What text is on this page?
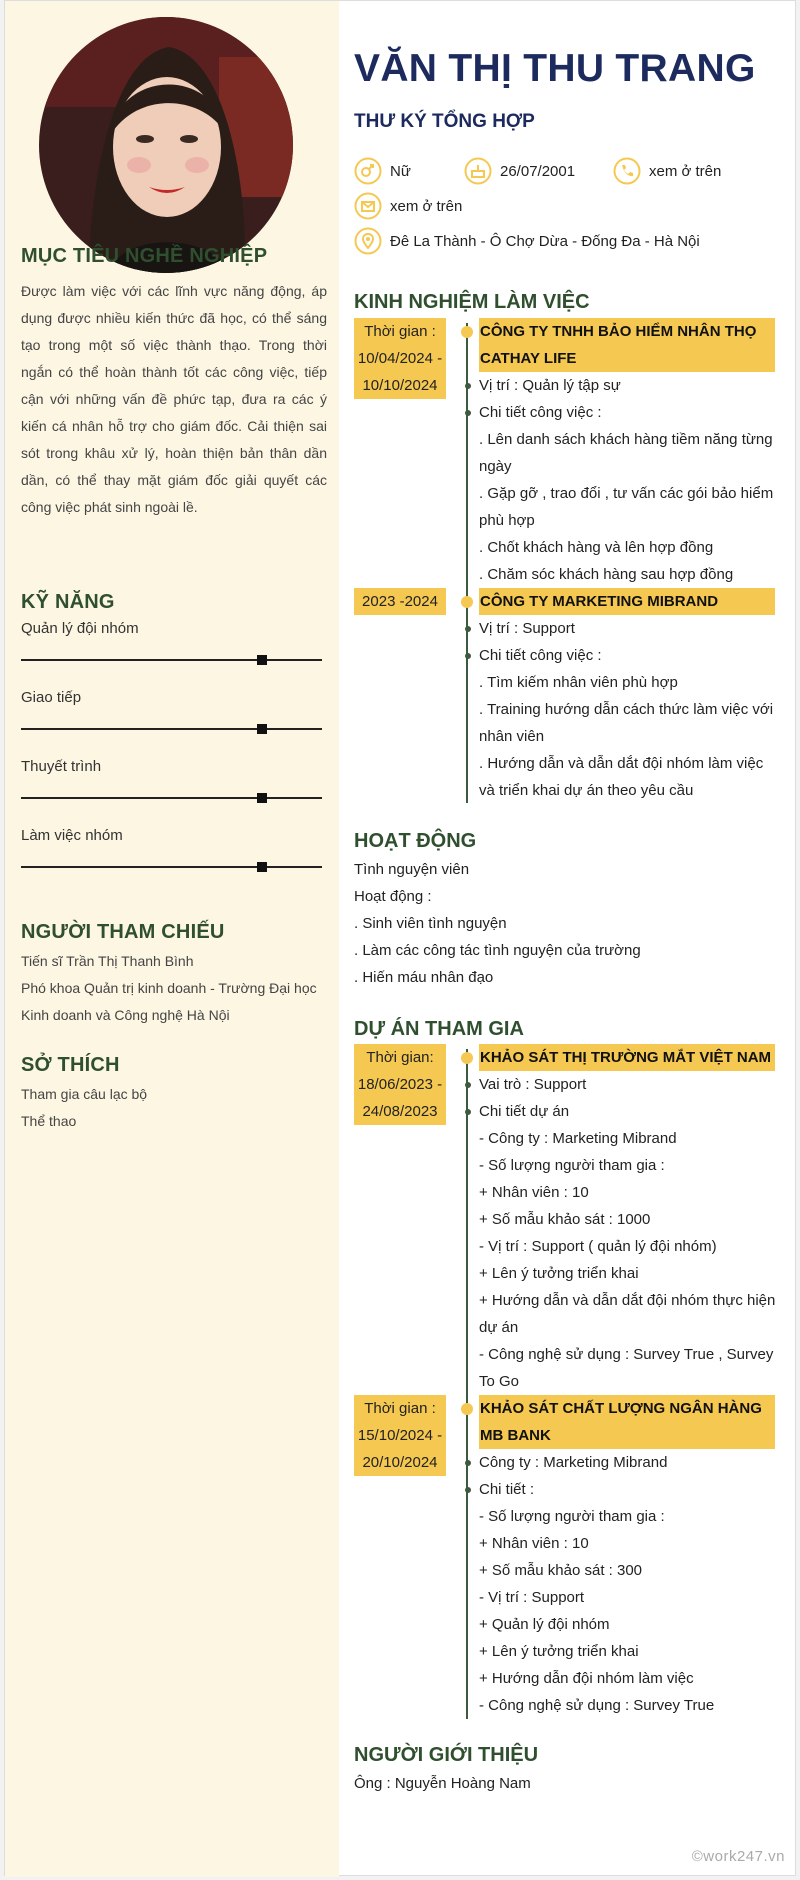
MỤC TIÊU NGHỀ NGHIỆP
Được làm việc với các lĩnh vực năng động, áp dụng được nhiều kiến thức đã học, có thể sáng tạo trong một số việc thành thạo. Trong thời ngắn có thể hoàn thành tốt các công việc, tiếp cận với những vấn đề phức tạp, đưa ra các ý kiến cá nhân hỗ trợ cho giám đốc. Cải thiện sai sót trong khâu xử lý, hoàn thiện bản thân dần dần, có thể thay mặt giám đốc giải quyết các công việc phát sinh ngoài lề.
KỸ NĂNG
Quản lý đội nhóm
Giao tiếp
Thuyết trình
Làm việc nhóm
NGƯỜI THAM CHIẾU
Tiến sĩ Trần Thị Thanh Bình
Phó khoa Quản trị kinh doanh - Trường Đại học Kinh doanh và Công nghệ Hà Nội
SỞ THÍCH
Tham gia câu lạc bộ
Thể thao
VĂN THỊ THU TRANG
THƯ KÝ TỔNG HỢP
Nữ	26/07/2001	xem ở trên
xem ở trên
Đê La Thành - Ô Chợ Dừa - Đống Đa - Hà Nội
KINH NGHIỆM LÀM VIỆC
Thời gian : 10/04/2024 - 10/10/2024
CÔNG TY TNHH BẢO HIỂM NHÂN THỌ CATHAY LIFE
Vị trí : Quản lý tập sự
Chi tiết công việc :
. Lên danh sách khách hàng tiềm năng từng ngày
. Gặp gỡ , trao đổi , tư vấn các gói bảo hiểm phù hợp
. Chốt khách hàng và lên hợp đồng
. Chăm sóc khách hàng sau hợp đồng
2023 -2024	CÔNG TY MARKETING MIBRAND
Vị trí : Support
Chi tiết công việc :
. Tìm kiếm nhân viên phù hợp
. Training hướng dẫn cách thức làm việc với nhân viên
. Hướng dẫn và dẫn dắt đội nhóm làm việc và triển khai dự án theo yêu cầu
HOẠT ĐỘNG
Tình nguyện viên
Hoạt động :
. Sinh viên tình nguyện
. Làm các công tác tình nguyện của trường
. Hiến máu nhân đạo
DỰ ÁN THAM GIA
Thời gian: 18/06/2023 - 24/08/2023
KHẢO SÁT THỊ TRƯỜNG MẮT VIỆT NAM
Vai trò : Support
Chi tiết dự án
- Công ty : Marketing Mibrand
- Số lượng người tham gia :
+ Nhân viên : 10
+ Số mẫu khảo sát : 1000
- Vị trí : Support ( quản lý đội nhóm)
+ Lên ý tưởng triển khai
+ Hướng dẫn và dẫn dắt đội nhóm thực hiện dự án
- Công nghệ sử dụng : Survey True , Survey To Go
Thời gian : 15/10/2024 - 20/10/2024
KHẢO SÁT CHẤT LƯỢNG NGÂN HÀNG MB BANK
Công ty : Marketing Mibrand
Chi tiết :
- Số lượng người tham gia :
+ Nhân viên : 10
+ Số mẫu khảo sát : 300
- Vị trí : Support
+ Quản lý đội nhóm
+ Lên ý tưởng triển khai
+ Hướng dẫn đội nhóm làm việc
- Công nghệ sử dụng : Survey True
NGƯỜI GIỚI THIỆU
Ông : Nguyễn Hoàng Nam
©work247.vn
